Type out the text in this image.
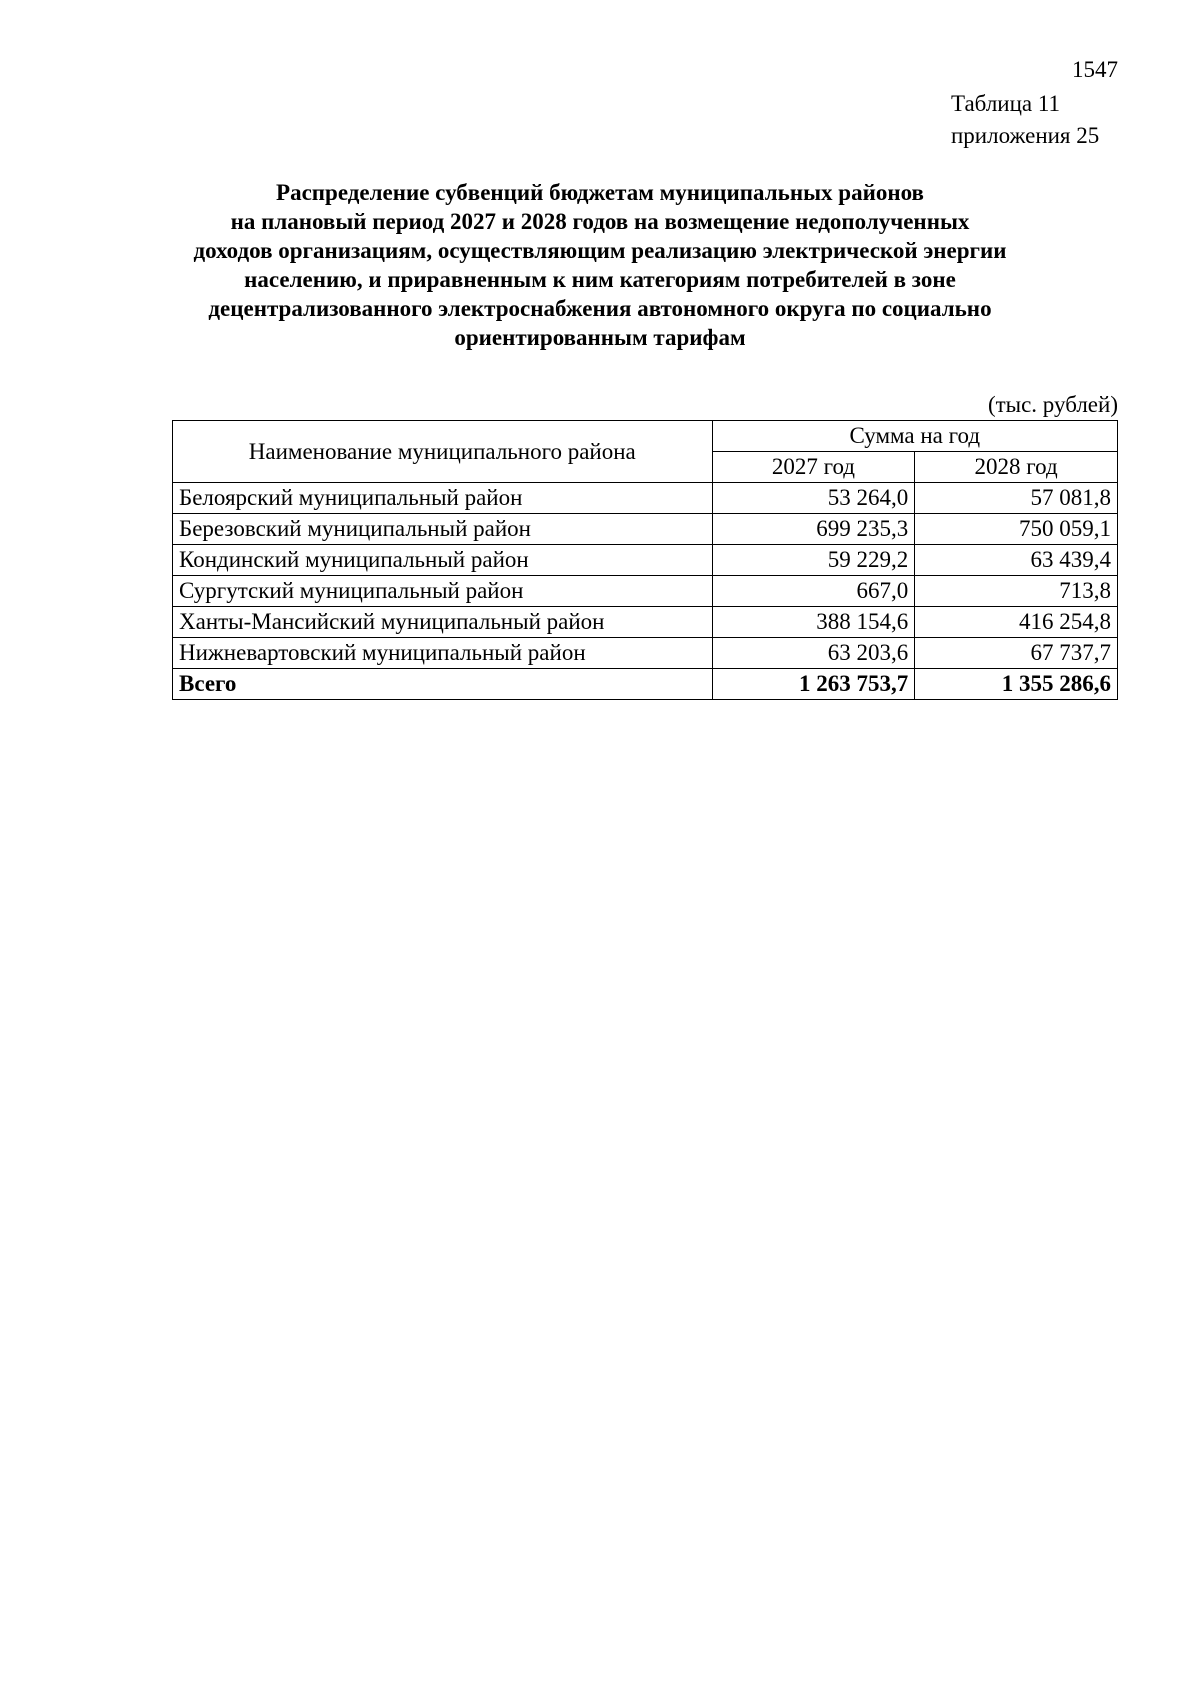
1547
Таблица 11
приложения 25
Распределение субвенций бюджетам муниципальных районов
на плановый период 2027 и 2028 годов на возмещение недополученных
доходов организациям, осуществляющим реализацию электрической энергии
населению, и приравненным к ним категориям потребителей в зоне
децентрализованного электроснабжения автономного округа по социально
ориентированным тарифам
(тыс. рублей)
Наименование муниципального района	Сумма на год	
	2027 год	2028 год
Белоярский муниципальный район	53 264,0	57 081,8
Березовский муниципальный район	699 235,3	750 059,1
Кондинский муниципальный район	59 229,2	63 439,4
Сургутский муниципальный район	667,0	713,8
Ханты-Мансийский муниципальный район	388 154,6	416 254,8
Нижневартовский муниципальный район	63 203,6	67 737,7
Всего	1 263 753,7	1 355 286,6
